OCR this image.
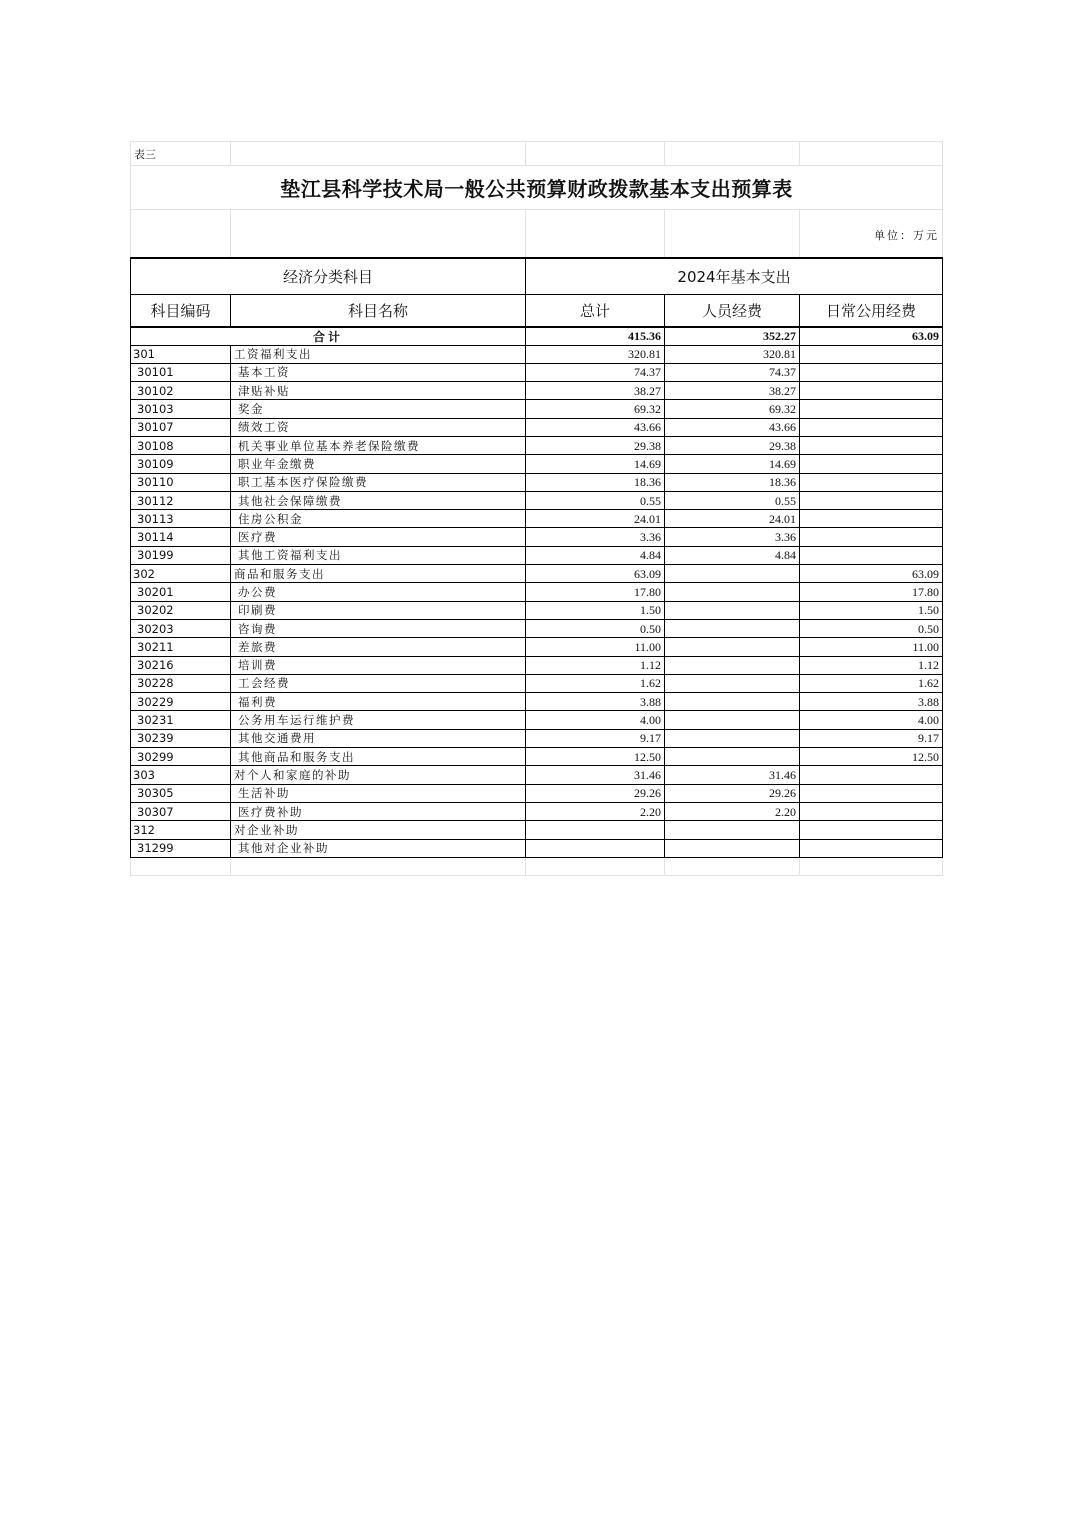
表三				
垫江县科学技术局一般公共预算财政拨款基本支出预算表				
				单位：万元
经济分类科目		2024年基本支出		
科目编码	科目名称	总计	人员经费	日常公用经费
合计		415.36	352.27	63.09
301	工资福利支出	320.81	320.81	
30101	基本工资	74.37	74.37	
30102	津贴补贴	38.27	38.27	
30103	奖金	69.32	69.32	
30107	绩效工资	43.66	43.66	
30108	机关事业单位基本养老保险缴费	29.38	29.38	
30109	职业年金缴费	14.69	14.69	
30110	职工基本医疗保险缴费	18.36	18.36	
30112	其他社会保障缴费	0.55	0.55	
30113	住房公积金	24.01	24.01	
30114	医疗费	3.36	3.36	
30199	其他工资福利支出	4.84	4.84	
302	商品和服务支出	63.09		63.09
30201	办公费	17.80		17.80
30202	印刷费	1.50		1.50
30203	咨询费	0.50		0.50
30211	差旅费	11.00		11.00
30216	培训费	1.12		1.12
30228	工会经费	1.62		1.62
30229	福利费	3.88		3.88
30231	公务用车运行维护费	4.00		4.00
30239	其他交通费用	9.17		9.17
30299	其他商品和服务支出	12.50		12.50
303	对个人和家庭的补助	31.46	31.46	
30305	生活补助	29.26	29.26	
30307	医疗费补助	2.20	2.20	
312	对企业补助			
31299	其他对企业补助			
